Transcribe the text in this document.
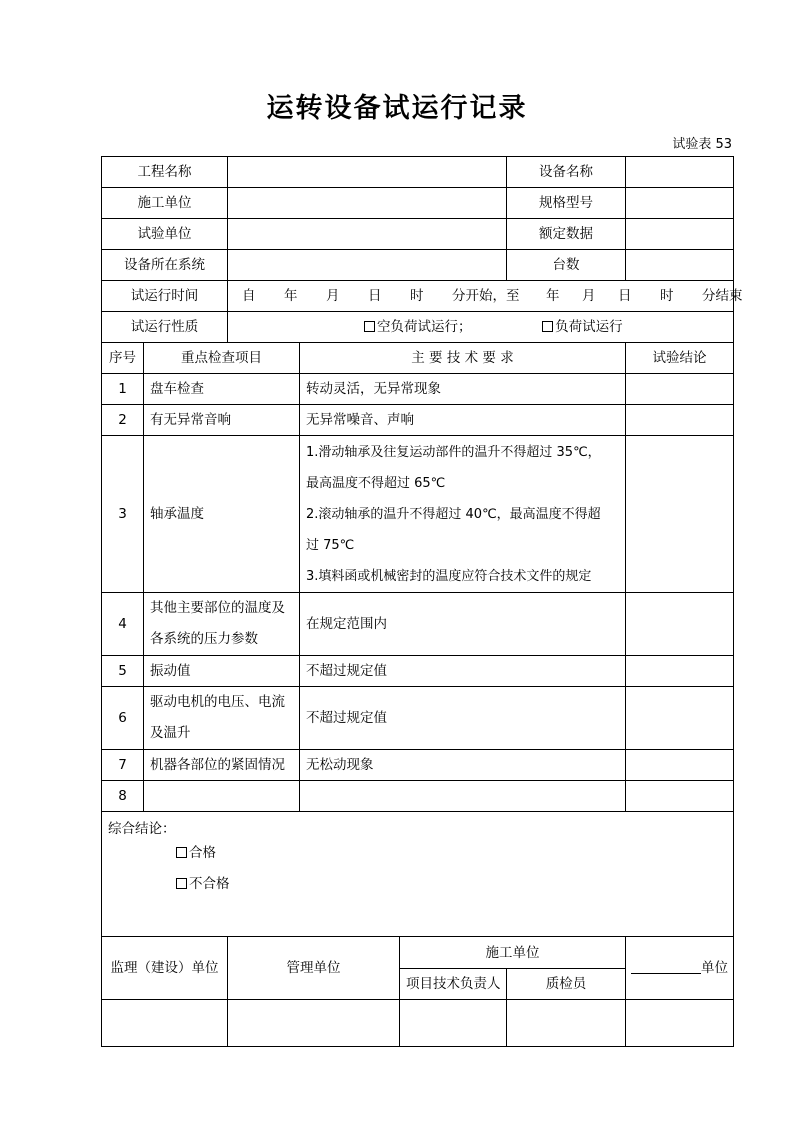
运转设备试运行记录
试验表 53
工程名称					设备名称	
施工单位					规格型号	
试验单位					额定数据	
设备所在系统					台数	
试运行时间		自 年 月 日 时 分开始，至 年 月 日 时 分结束				
试运行性质		空负荷试运行； 负荷试运行				
序号	重点检查项目		主 要 技 术 要 求			试验结论
1	盘车检查		转动灵活，无异常现象			
2	有无异常音响		无异常噪音、声响			
3	轴承温度		1.滑动轴承及往复运动部件的温升不得超过 35℃，
最高温度不得超过 65℃
2.滚动轴承的温升不得超过 40℃，最高温度不得超
过 75℃
3.填料函或机械密封的温度应符合技术文件的规定			

4	其他主要部位的温度及
各系统的压力参数		在规定范围内			
5	振动值		不超过规定值			
6	驱动电机的电压、电流
及温升		不超过规定值			
7	机器各部位的紧固情况		无松动现象			
8						

综合结论：
合格
不合格						

监理（建设）单位		管理单位		施工单位		单位
				项目技术负责人	质检员	
